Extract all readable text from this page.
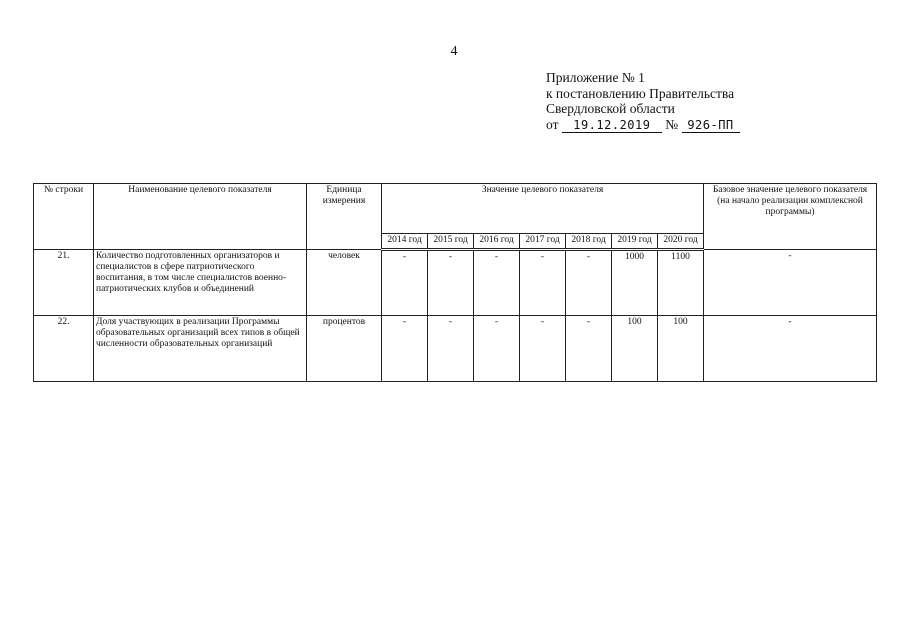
4
Приложение № 1
к постановлению Правительства
Свердловской области
от 19.12.2019 № 926-ПП
№ строки	Наименование целевого показателя	Единица измерения	Значение целевого показателя							Базовое значение целевого показателя (на начало реализации комплексной программы)
			2014 год	2015 год	2016 год	2017 год	2018 год	2019 год	2020 год	
21.	Количество подготовленных организаторов и специалистов в сфере патриотического воспитания, в том числе специалистов военно-патриотических клубов и объединений	человек	-	-	-	-	-	1000	1100	-
22.	Доля участвующих в реализации Программы образовательных организаций всех типов в общей численности образовательных организаций	процентов	-	-	-	-	-	100	100	-
